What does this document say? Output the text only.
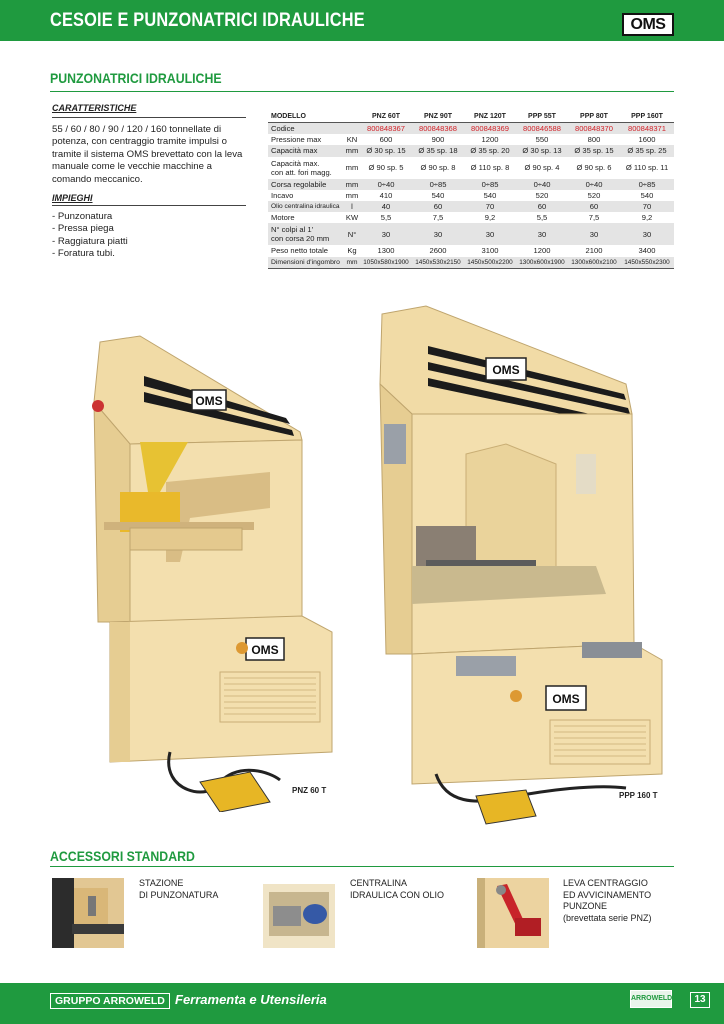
CESOIE E PUNZONATRICI IDRAULICHE	OMS
PUNZONATRICI IDRAULICHE
CARATTERISTICHE
55 / 60 / 80 / 90 / 120 / 160 tonnellate di potenza, con centraggio tramite impulsi o tramite il sistema OMS brevettato con la leva manuale come le vecchie macchine a comando meccanico.
IMPIEGHI
- Punzonatura
- Pressa piega
- Raggiatura piatti
- Foratura tubi.
MODELLO		PNZ 60T	PNZ 90T	PNZ 120T	PPP 55T	PPP 80T	PPP 160T
Codice		800848367	800848368	800848369	800846588	800848370	800848371
Pressione max	KN	600	900	1200	550	800	1600
Capacità max	mm	Ø 30 sp. 15	Ø 35 sp. 18	Ø 35 sp. 20	Ø 30 sp. 13	Ø 35 sp. 15	Ø 35 sp. 25

Capacità max.
con att. fori magg.	mm	Ø 90 sp. 5	Ø 90 sp. 8	Ø 110 sp. 8	Ø 90 sp. 4	Ø 90 sp. 6	Ø 110 sp. 11
Corsa regolabile	mm	0÷40	0÷85	0÷85	0÷40	0÷40	0÷85
Incavo	mm	410	540	540	520	520	540
Olio centralina idraulica	l	40	60	70	60	60	70
Motore	KW	5,5	7,5	9,2	5,5	7,5	9,2

N° colpi al 1'
con corsa 20 mm	N°	30	30	30	30	30	30
Peso netto totale	Kg	1300	2600	3100	1200	2100	3400
Dimensioni d'ingombro	mm	1050x580x1900	1450x530x2150	1450x500x2200	1300x600x1900	1300x600x2100	1450x550x2300
OMS
OMS
PNZ 60 T
OMS
OMS
PPP 160 T
ACCESSORI STANDARD
STAZIONE
DI PUNZONATURA
CENTRALINA
IDRAULICA CON OLIO
LEVA CENTRAGGIO
ED AVVICINAMENTO
PUNZONE
(brevettata serie PNZ)
GRUPPO ARROWELD Ferramenta e Utensileria	ARROWELD	13
